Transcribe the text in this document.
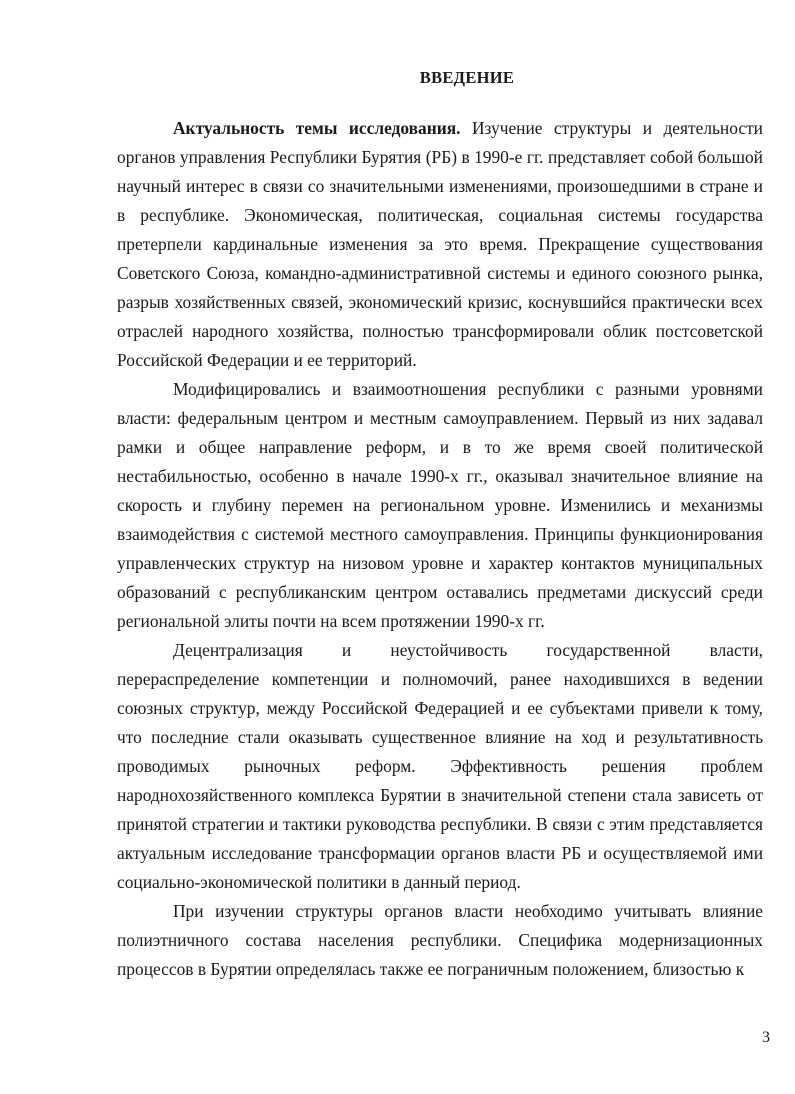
ВВЕДЕНИЕ

Актуальность темы исследования. Изучение структуры и деятельности органов управления Республики Бурятия (РБ) в 1990-е гг. представляет собой большой научный интерес в связи со значительными изменениями, произошедшими в стране и в республике. Экономическая, политическая, социальная системы государства претерпели кардинальные изменения за это время. Прекращение существования Советского Союза, командно-административной системы и единого союзного рынка, разрыв хозяйственных связей, экономический кризис, коснувшийся практически всех отраслей народного хозяйства, полностью трансформировали облик постсоветской Российской Федерации и ее территорий.

Модифицировались и взаимоотношения республики с разными уровнями власти: федеральным центром и местным самоуправлением. Первый из них задавал рамки и общее направление реформ, и в то же время своей политической нестабильностью, особенно в начале 1990-х гг., оказывал значительное влияние на скорость и глубину перемен на региональном уровне. Изменились и механизмы взаимодействия с системой местного самоуправления. Принципы функционирования управленческих структур на низовом уровне и характер контактов муниципальных образований с республиканским центром оставались предметами дискуссий среди региональной элиты почти на всем протяжении 1990-х гг.

Децентрализация и неустойчивость государственной власти, перераспределение компетенции и полномочий, ранее находившихся в ведении союзных структур, между Российской Федерацией и ее субъектами привели к тому, что последние стали оказывать существенное влияние на ход и результативность проводимых рыночных реформ. Эффективность решения проблем народнохозяйственного комплекса Бурятии в значительной степени стала зависеть от принятой стратегии и тактики руководства республики. В связи с этим представляется актуальным исследование трансформации органов власти РБ и осуществляемой ими социально-экономической политики в данный период.

При изучении структуры органов власти необходимо учитывать влияние полиэтничного состава населения республики. Специфика модернизационных процессов в Бурятии определялась также ее пограничным положением, близостью к

3
